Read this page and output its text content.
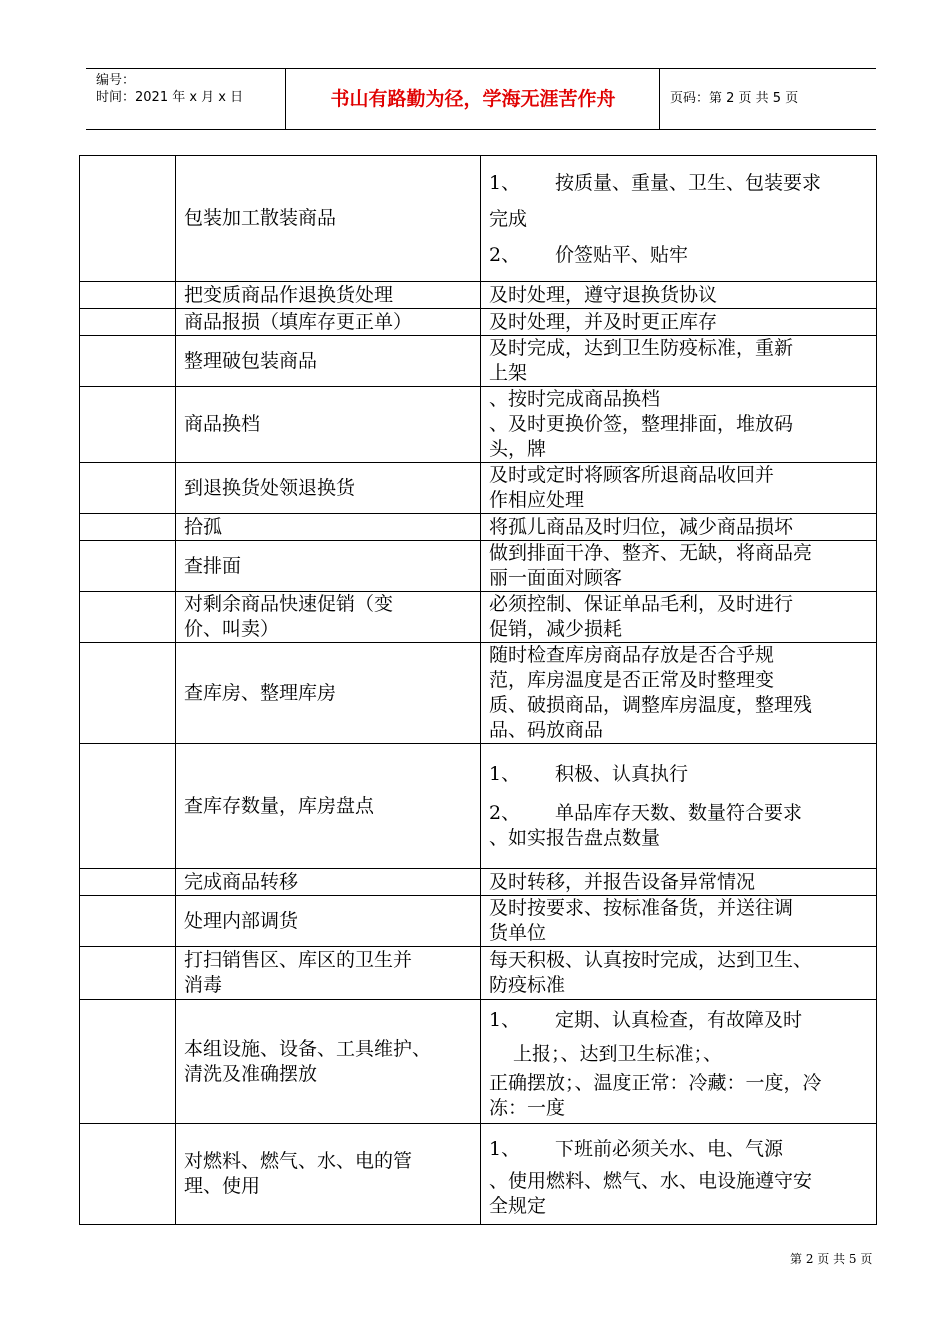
编号：
时间：2021 年 x 月 x 日	书山有路勤为径，学海无涯苦作舟	页码：第 2 页 共 5 页
	包装加工散装商品	1、 按质量、重量、卫生、包装要求
完成
2、 价签贴平、贴牢

	把变质商品作退换货处理	及时处理，遵守退换货协议
	商品报损（填库存更正单）	及时处理，并及时更正库存
	整理破包装商品	及时完成，达到卫生防疫标准，重新
上架

	商品换档	、按时完成商品换档
、及时更换价签，整理排面，堆放码
头，牌

	到退换货处领退换货	及时或定时将顾客所退商品收回并
作相应处理

	拾孤	将孤儿商品及时归位，减少商品损坏
	查排面	做到排面干净、整齐、无缺，将商品亮
丽一面面对顾客

	对剩余商品快速促销（变
价、叫卖）	必须控制、保证单品毛利，及时进行
促销，减少损耗

	查库房、整理库房	随时检查库房商品存放是否合乎规
范，库房温度是否正常及时整理变
质、破损商品，调整库房温度，整理残
品、码放商品

	查库存数量，库房盘点	1、 积极、认真执行
2、 单品库存天数、数量符合要求
、如实报告盘点数量

	完成商品转移	及时转移，并报告设备异常情况
	处理内部调货	及时按要求、按标准备货，并送往调
货单位

	打扫销售区、库区的卫生并
消毒	每天积极、认真按时完成，达到卫生、
防疫标准

	本组设施、设备、工具维护、
清洗及准确摆放	1、 定期、认真检查，有故障及时
上报；、达到卫生标准；、
正确摆放；、温度正常：冷藏：一度，冷
冻：一度

	对燃料、燃气、水、电的管
理、使用	1、 下班前必须关水、电、气源
、使用燃料、燃气、水、电设施遵守安
全规定
第 2 页 共 5 页
